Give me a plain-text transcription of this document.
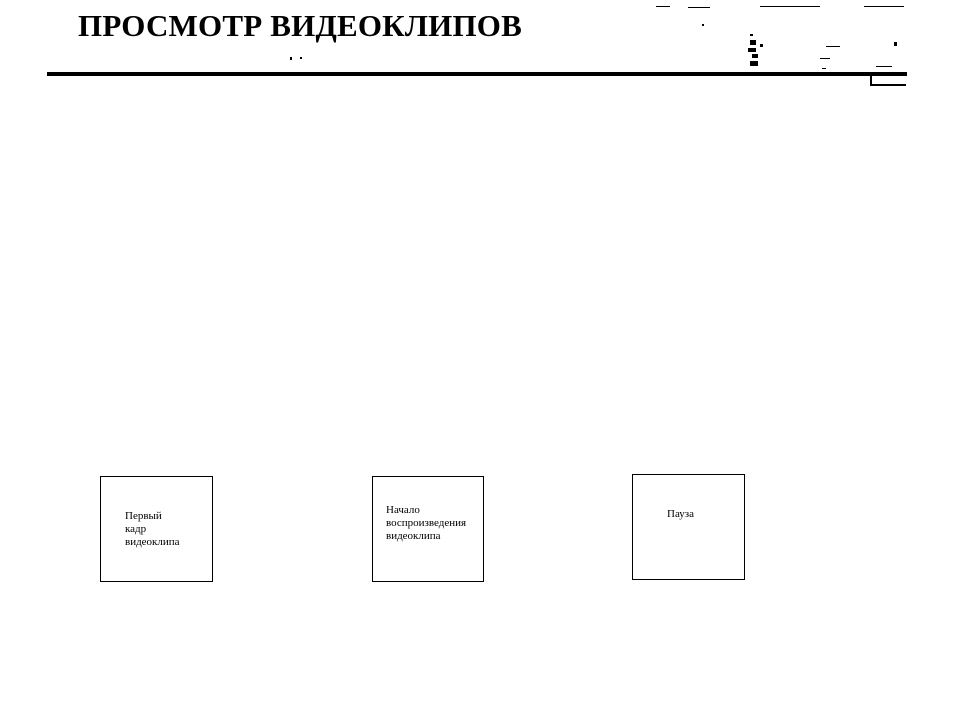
ПРОСМОТР ВИДЕОКЛИПОВ

Первый
кадр
видеоклипа

Начало
воспроизведения
видеоклипа

Пауза
